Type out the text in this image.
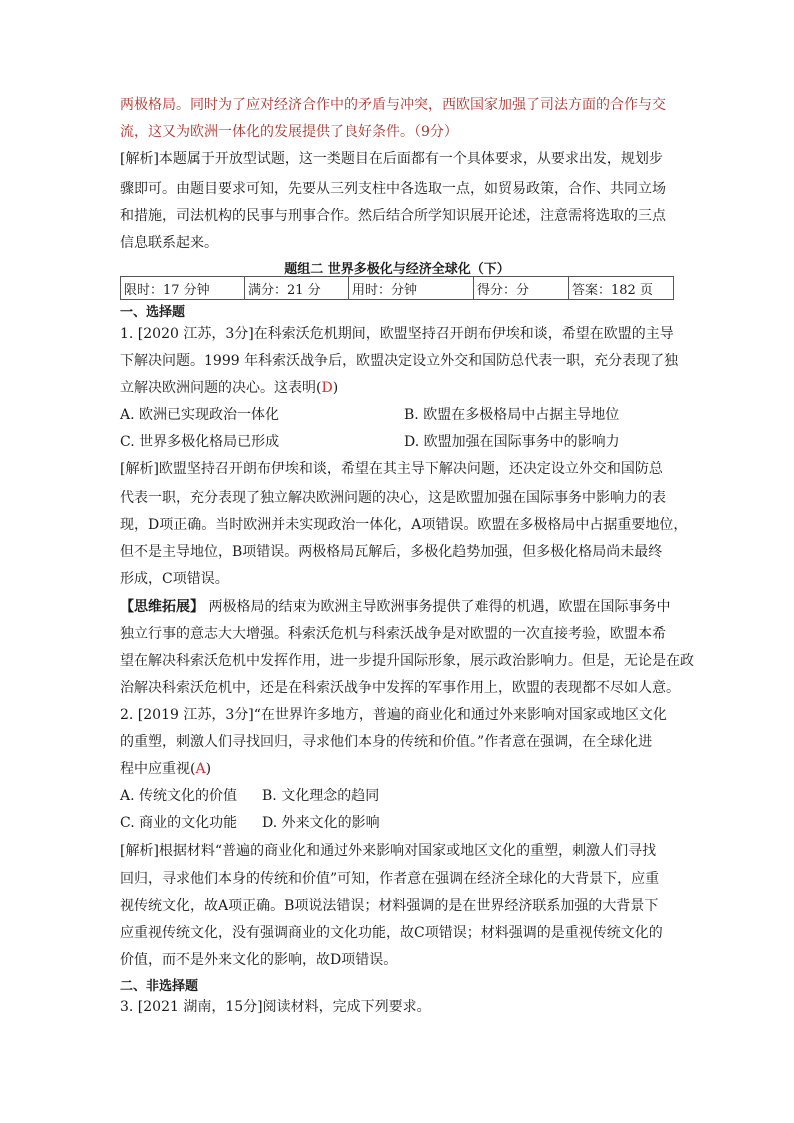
两极格局。同时为了应对经济合作中的矛盾与冲突，西欧国家加强了司法方面的合作与交
流，这又为欧洲一体化的发展提供了良好条件。（9分）
[解析]本题属于开放型试题，这一类题目在后面都有一个具体要求，从要求出发，规划步
骤即可。由题目要求可知，先要从三列支柱中各选取一点，如贸易政策，合作、共同立场
和措施，司法机构的民事与刑事合作。然后结合所学知识展开论述，注意需将选取的三点
信息联系起来。
题组二 世界多极化与经济全球化（下）
限时：17 分钟	满分：21 分	用时：分钟	得分：分	答案：182 页
一、选择题
1. [2020 江苏，3分]在科索沃危机期间，欧盟坚持召开朗布伊埃和谈，希望在欧盟的主导
下解决问题。1999 年科索沃战争后，欧盟决定设立外交和国防总代表一职，充分表现了独
立解决欧洲问题的决心。这表明(D)
A. 欧洲已实现政治一体化	B. 欧盟在多极格局中占据主导地位
C. 世界多极化格局已形成	D. 欧盟加强在国际事务中的影响力
[解析]欧盟坚持召开朗布伊埃和谈，希望在其主导下解决问题，还决定设立外交和国防总
代表一职，充分表现了独立解决欧洲问题的决心，这是欧盟加强在国际事务中影响力的表
现，D项正确。当时欧洲并未实现政治一体化，A项错误。欧盟在多极格局中占据重要地位，
但不是主导地位，B项错误。两极格局瓦解后，多极化趋势加强，但多极化格局尚未最终
形成，C项错误。
【思维拓展】 两极格局的结束为欧洲主导欧洲事务提供了难得的机遇，欧盟在国际事务中
独立行事的意志大大增强。科索沃危机与科索沃战争是对欧盟的一次直接考验，欧盟本希
望在解决科索沃危机中发挥作用，进一步提升国际形象，展示政治影响力。但是，无论是在政
治解决科索沃危机中，还是在科索沃战争中发挥的军事作用上，欧盟的表现都不尽如人意。
2. [2019 江苏，3分]“在世界许多地方，普遍的商业化和通过外来影响对国家或地区文化
的重塑，刺激人们寻找回归，寻求他们本身的传统和价值。”作者意在强调，在全球化进
程中应重视(A)
A. 传统文化的价值 B. 文化理念的趋同
C. 商业的文化功能 D. 外来文化的影响
[解析]根据材料“普遍的商业化和通过外来影响对国家或地区文化的重塑，刺激人们寻找
回归，寻求他们本身的传统和价值”可知，作者意在强调在经济全球化的大背景下，应重
视传统文化，故A项正确。B项说法错误；材料强调的是在世界经济联系加强的大背景下
应重视传统文化，没有强调商业的文化功能，故C项错误；材料强调的是重视传统文化的
价值，而不是外来文化的影响，故D项错误。
二、非选择题
3. [2021 湖南，15分]阅读材料，完成下列要求。
